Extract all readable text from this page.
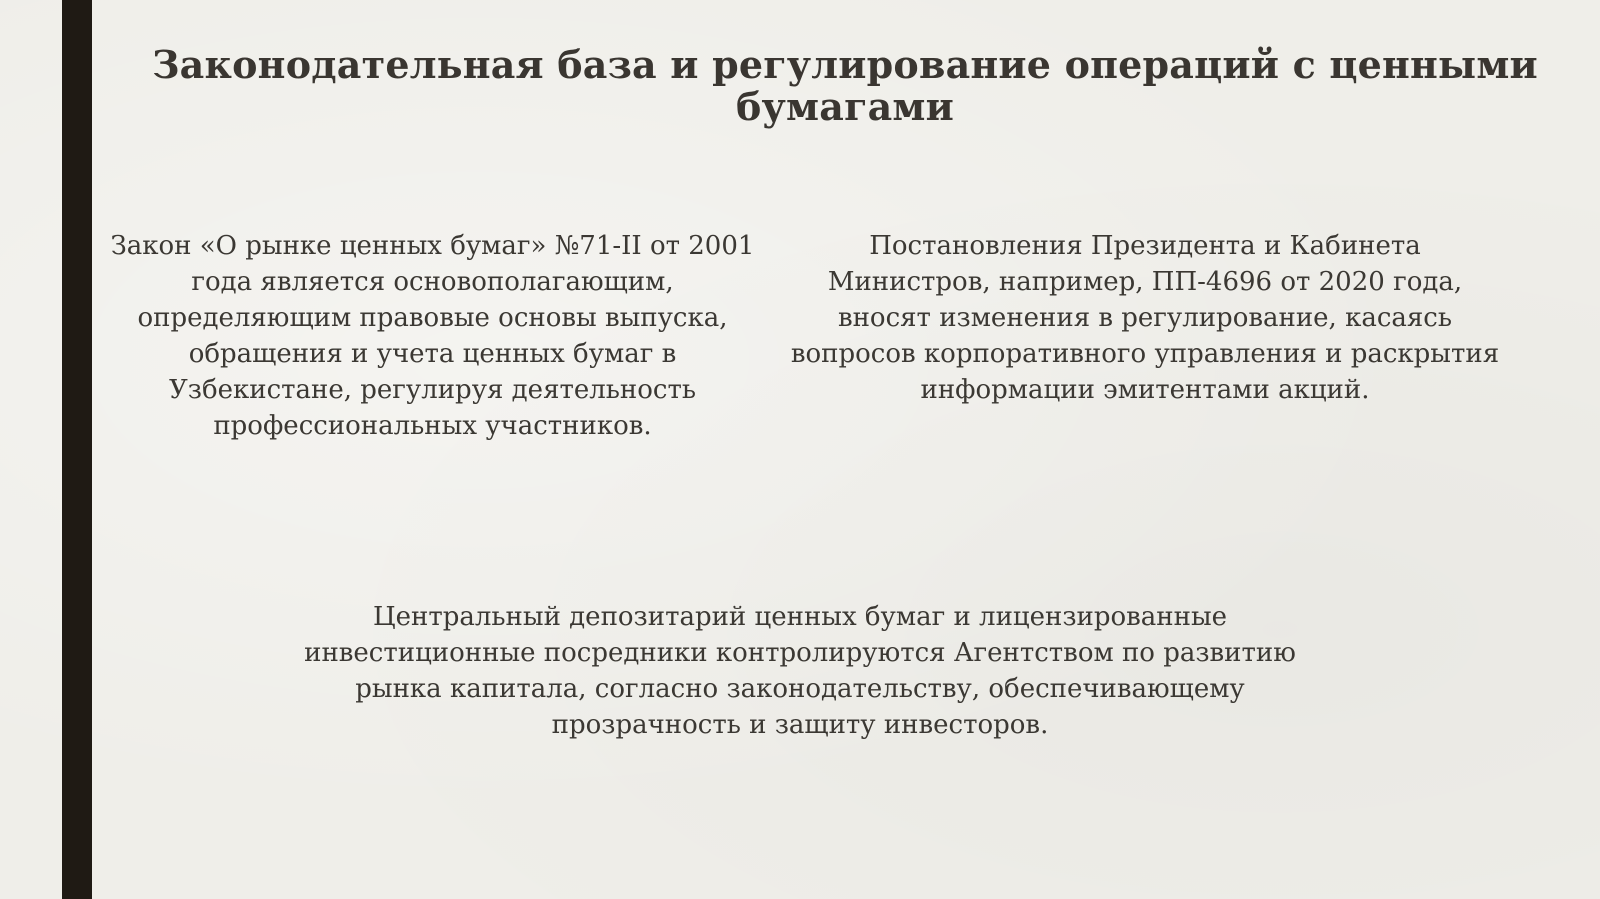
Законодательная база и регулирование операций с ценными бумагами

Закон «О рынке ценных бумаг» №71-II от 2001 года является основополагающим, определяющим правовые основы выпуска, обращения и учета ценных бумаг в Узбекистане, регулируя деятельность профессиональных участников.

Постановления Президента и Кабинета Министров, например, ПП-4696 от 2020 года, вносят изменения в регулирование, касаясь вопросов корпоративного управления и раскрытия информации эмитентами акций.

Центральный депозитарий ценных бумаг и лицензированные инвестиционные посредники контролируются Агентством по развитию рынка капитала, согласно законодательству, обеспечивающему прозрачность и защиту инвесторов.
